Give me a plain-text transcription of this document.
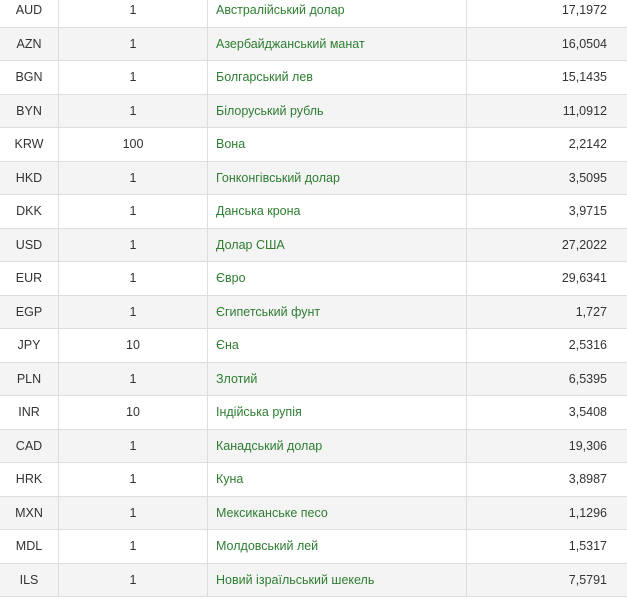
AUD	1	Австралійський долар	17,1972
AZN	1	Азербайджанський манат	16,0504
BGN	1	Болгарський лев	15,1435
BYN	1	Білоруський рубль	11,0912
KRW	100	Вона	2,2142
HKD	1	Гонконгівський долар	3,5095
DKK	1	Данська крона	3,9715
USD	1	Долар США	27,2022
EUR	1	Євро	29,6341
EGP	1	Єгипетський фунт	1,727
JPY	10	Єна	2,5316
PLN	1	Злотий	6,5395
INR	10	Індійська рупія	3,5408
CAD	1	Канадський долар	19,306
HRK	1	Куна	3,8987
MXN	1	Мексиканське песо	1,1296
MDL	1	Молдовський лей	1,5317
ILS	1	Новий ізраїльський шекель	7,5791
